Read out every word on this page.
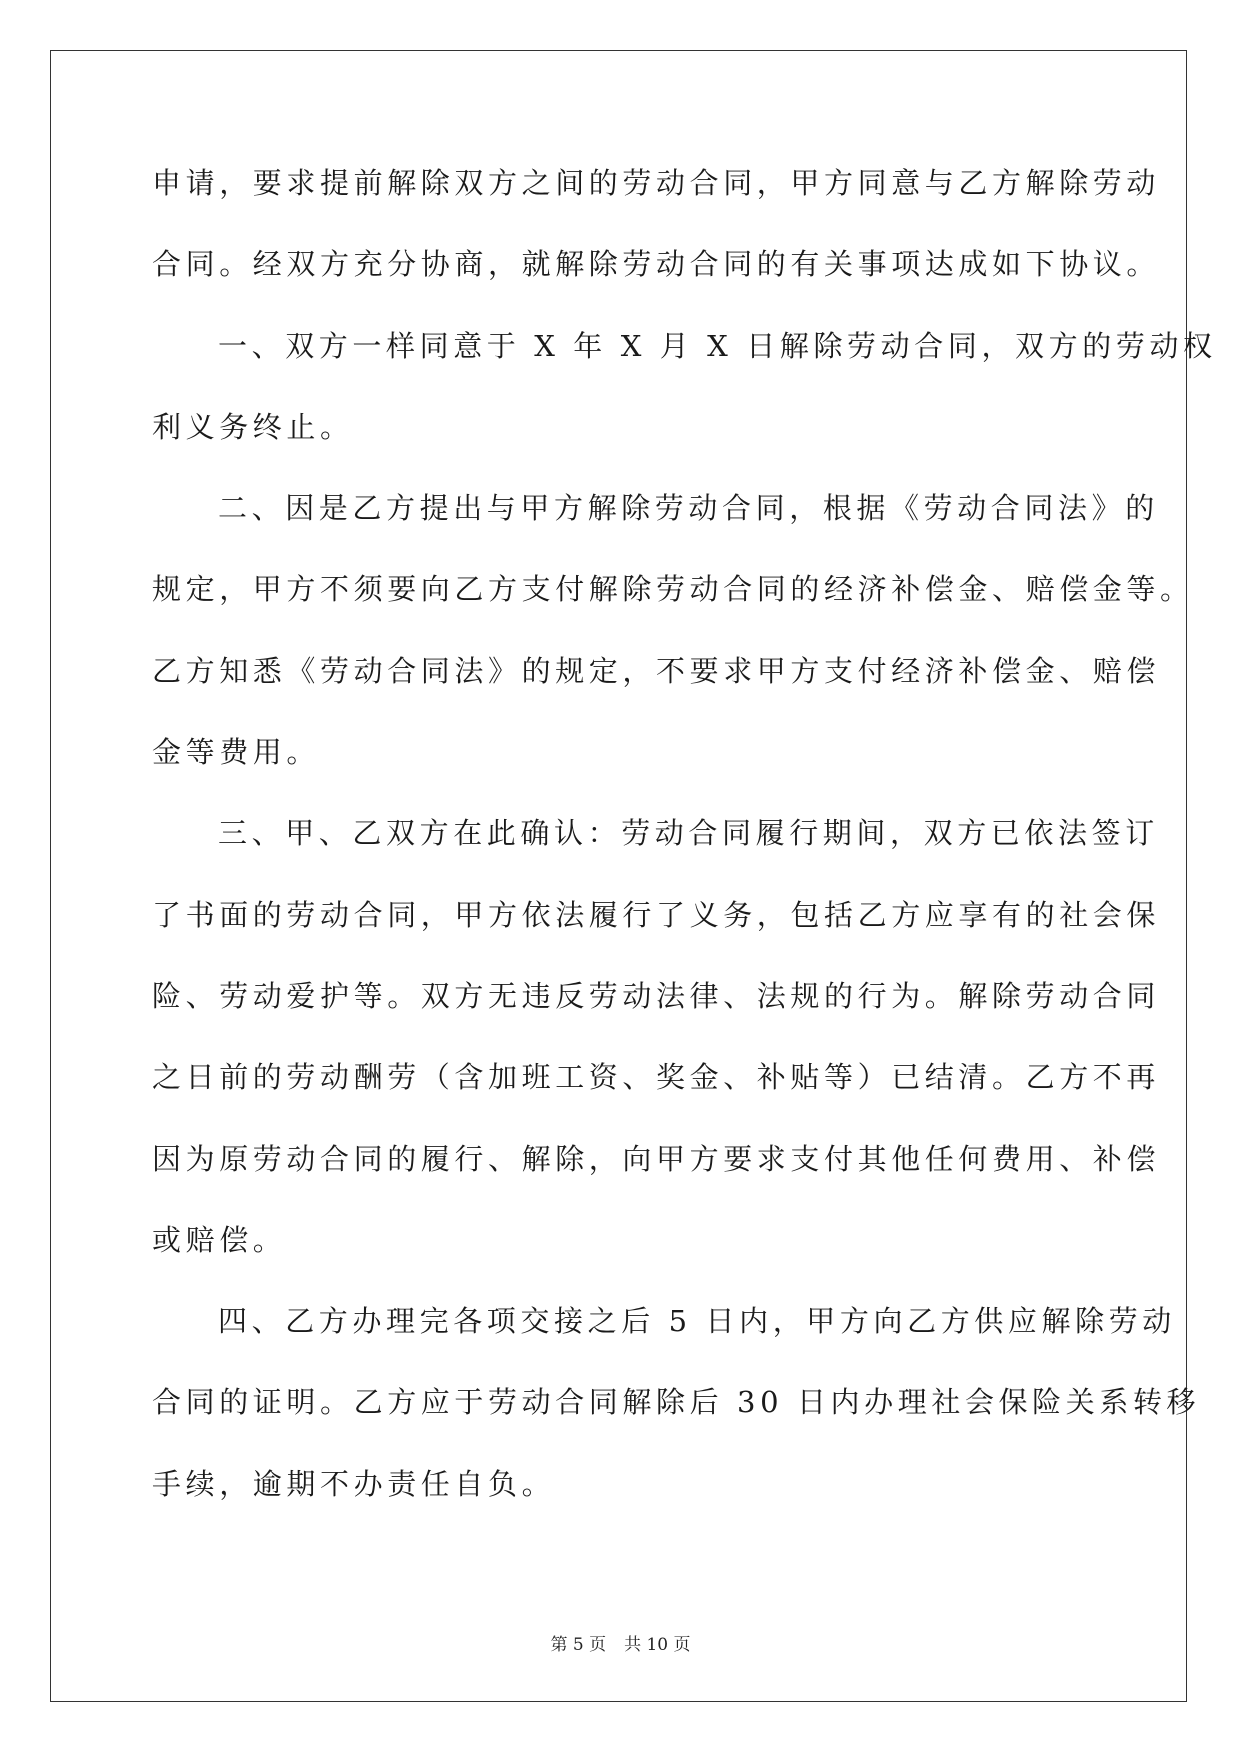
申请，要求提前解除双方之间的劳动合同，甲方同意与乙方解除劳动
合同。经双方充分协商，就解除劳动合同的有关事项达成如下协议。
一、双方一样同意于 X 年 X 月 X 日解除劳动合同，双方的劳动权
利义务终止。
二、因是乙方提出与甲方解除劳动合同，根据《劳动合同法》的
规定，甲方不须要向乙方支付解除劳动合同的经济补偿金、赔偿金等。
乙方知悉《劳动合同法》的规定，不要求甲方支付经济补偿金、赔偿
金等费用。
三、甲、乙双方在此确认：劳动合同履行期间，双方已依法签订
了书面的劳动合同，甲方依法履行了义务，包括乙方应享有的社会保
险、劳动爱护等。双方无违反劳动法律、法规的行为。解除劳动合同
之日前的劳动酬劳（含加班工资、奖金、补贴等）已结清。乙方不再
因为原劳动合同的履行、解除，向甲方要求支付其他任何费用、补偿
或赔偿。
四、乙方办理完各项交接之后 5 日内，甲方向乙方供应解除劳动
合同的证明。乙方应于劳动合同解除后 30 日内办理社会保险关系转移
手续，逾期不办责任自负。
第 5 页 共 10 页
